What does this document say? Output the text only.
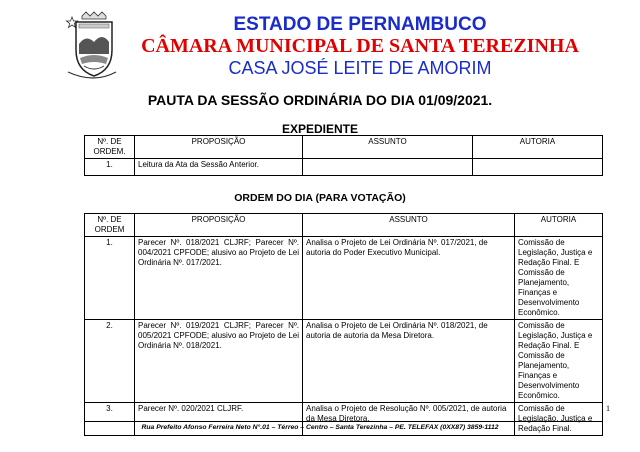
ESTADO DE PERNAMBUCO
CÂMARA MUNICIPAL DE SANTA TEREZINHA
CASA JOSÉ LEITE DE AMORIM
PAUTA DA SESSÃO ORDINÁRIA DO DIA 01/09/2021.
EXPEDIENTE
Nº. DE ORDEM.	PROPOSIÇÃO	ASSUNTO	AUTORIA
1.	Leitura da Ata da Sessão Anterior.		
ORDEM DO DIA (PARA VOTAÇÃO)
Nº. DE ORDEM	PROPOSIÇÃO	ASSUNTO	AUTORIA
1.	Parecer Nº. 018/2021 CLJRF; Parecer Nº. 004/2021 CPFODE; alusivo ao Projeto de Lei Ordinária Nº. 017/2021.	Analisa o Projeto de Lei Ordinária Nº. 017/2021, de autoria do Poder Executivo Municipal.	Comissão de Legislação, Justiça e Redação Final. E Comissão de Planejamento, Finanças e Desenvolvimento Econômico.
2.	Parecer Nº. 019/2021 CLJRF; Parecer Nº. 005/2021 CPFODE; alusivo ao Projeto de Lei Ordinária Nº. 018/2021.	Analisa o Projeto de Lei Ordinária Nº. 018/2021, de autoria de autoria da Mesa Diretora.	Comissão de Legislação, Justiça e Redação Final. E Comissão de Planejamento, Finanças e Desenvolvimento Econômico.
3.	Parecer Nº. 020/2021 CLJRF.	Analisa o Projeto de Resolução Nº. 005/2021, de autoria da Mesa Diretora.	Comissão de Legislação, Justiça e Redação Final.
1
Rua Prefeito Afonso Ferreira Neto N°.01 – Térreo – Centro – Santa Terezinha – PE. TELEFAX (0XX87) 3859-1112
